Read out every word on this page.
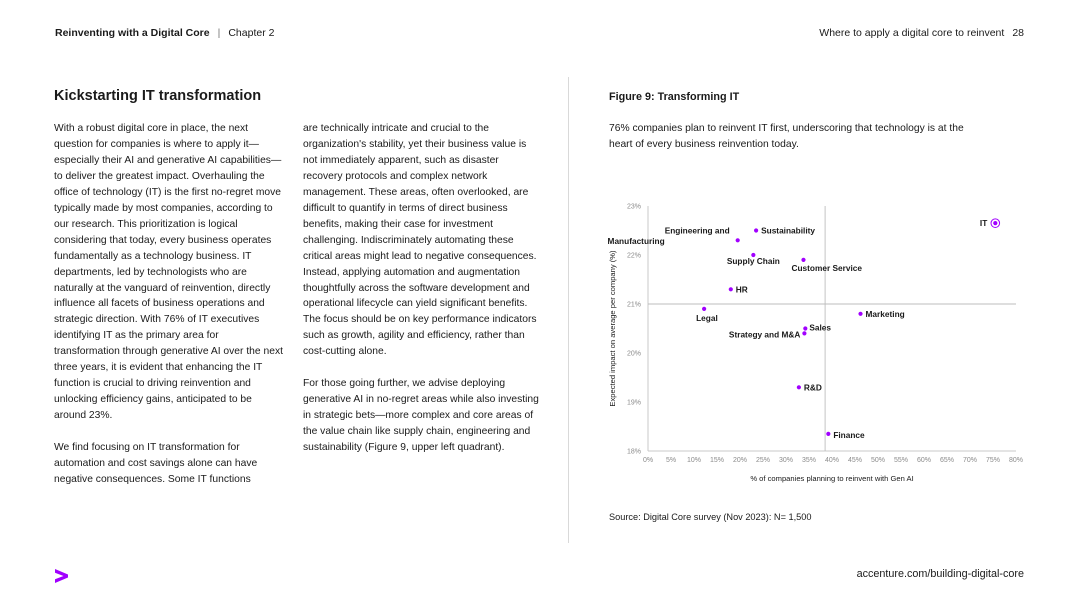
Reinventing with a Digital Core | Chapter 2	Where to apply a digital core to reinvent 28
Kickstarting IT transformation

With a robust digital core in place, the next question for companies is where to apply it—especially their AI and generative AI capabilities—to deliver the greatest impact. Overhauling the office of technology (IT) is the first no-regret move typically made by most companies, according to our research. This prioritization is logical considering that today, every business operates fundamentally as a technology business. IT departments, led by technologists who are naturally at the vanguard of reinvention, directly influence all facets of business operations and strategic direction. With 76% of IT executives identifying IT as the primary area for transformation through generative AI over the next three years, it is evident that enhancing the IT function is crucial to driving reinvention and unlocking efficiency gains, anticipated to be around 23%.

We find focusing on IT transformation for automation and cost savings alone can have negative consequences. Some IT functions

are technically intricate and crucial to the organization's stability, yet their business value is not immediately apparent, such as disaster recovery protocols and complex network management. These areas, often overlooked, are difficult to quantify in terms of direct business benefits, making their case for investment challenging. Indiscriminately automating these critical areas might lead to negative consequences. Instead, applying automation and augmentation thoughtfully across the software development and operational lifecycle can yield significant benefits. The focus should be on key performance indicators such as growth, agility and efficiency, rather than cost-cutting alone.

For those going further, we advise deploying generative AI in no-regret areas while also investing in strategic bets—more complex and core areas of the value chain like supply chain, engineering and sustainability (Figure 9, upper left quadrant).

Figure 9: Transforming IT

76% companies plan to reinvent IT first, underscoring that technology is at the heart of every business reinvention today.

0% 5% 10% 15% 20% 25% 30% 35% 40% 45% 50% 55% 60% 65% 70% 75% 80%
18%
19%
20%
21%
22%
23%
% of companies planning to reinvent with Gen AI
Expected impact on average per company (%)
IT
Engineering and Manufacturing
Sustainability
Supply Chain
Customer Service
HR
Legal	Marketing
Sales
Strategy and M&A
R&D
Finance
Source: Digital Core survey (Nov 2023): N= 1,500
accenture.com/building-digital-core
